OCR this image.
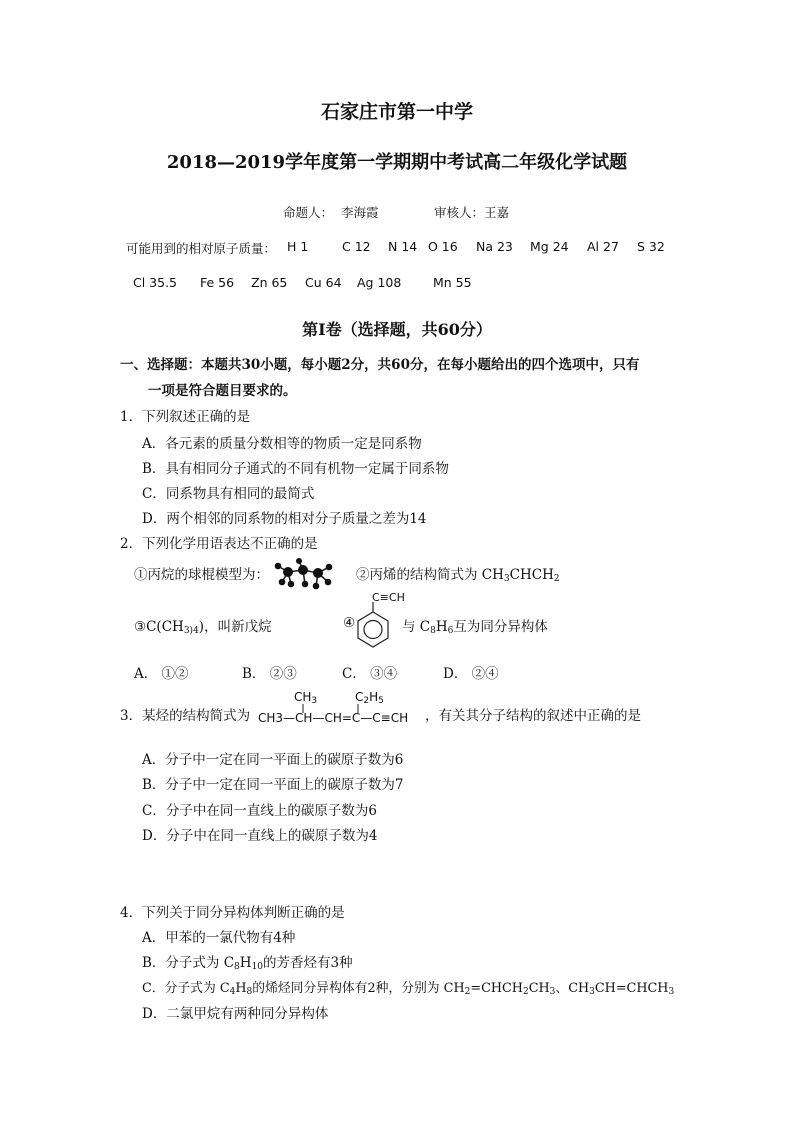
石家庄市第一中学
2018—2019学年度第一学期期中考试高二年级化学试题
命题人： 李海霞	审核人：王嘉
可能用到的相对原子质量： H 1	C 12 N 14 O 16 Na 23 Mg 24 Al 27 S 32
Cl 35.5 Fe 56 Zn 65 Cu 64 Ag 108	Mn 55
第Ⅰ卷（选择题，共60分）
一、选择题：本题共30小题，每小题2分，共60分，在每小题给出的四个选项中，只有
一项是符合题目要求的。
1．下列叙述正确的是
A．各元素的质量分数相等的物质一定是同系物
B．具有相同分子通式的不同有机物一定属于同系物
C．同系物具有相同的最简式
D．两个相邻的同系物的相对分子质量之差为14
2．下列化学用语表达不正确的是
①丙烷的球棍模型为：	②丙烯的结构简式为 $CH_3CHCH_2$
$③C(CH_3)_4$)，叫新戊烷	④
C≡CH
与 $C_8H_6$互为同分异构体
A． ①②	B． ②③	C． ③④	D． ②④
3．某烃的结构简式为
$CH_3$	$C_2H_5$
CH3—CH—CH=C—C≡CH ，有关其分子结构的叙述中正确的是
A．分子中一定在同一平面上的碳原子数为6
B．分子中一定在同一平面上的碳原子数为7
C．分子中在同一直线上的碳原子数为6
D．分子中在同一直线上的碳原子数为4
4．下列关于同分异构体判断正确的是
A．甲苯的一氯代物有4种
B．分子式为 $C_8H_{10}$的芳香烃有3种
C．分子式为 $C_4H_8$的烯烃同分异构体有2种，分别为 $CH_2=CHCH_2CH_3$、$CH_3CH=CHCH_3$
D．二氯甲烷有两种同分异构体
